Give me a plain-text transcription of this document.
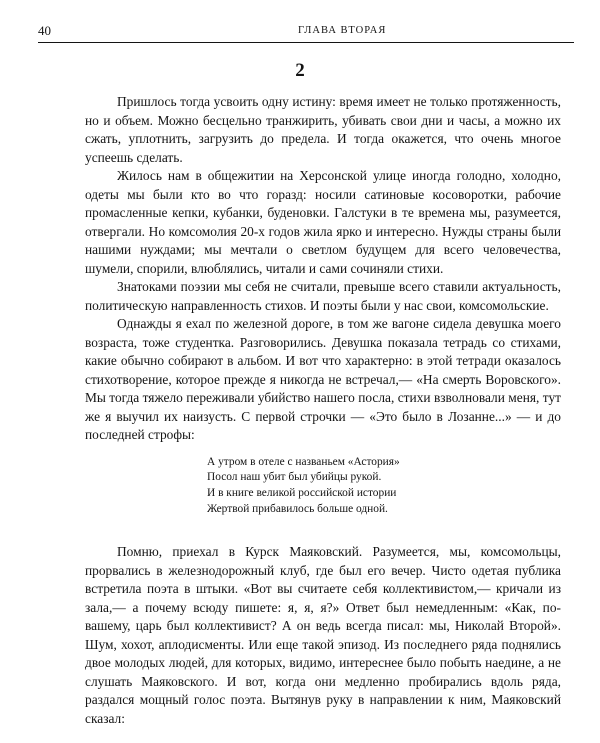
40	ГЛАВА ВТОРАЯ
2

Пришлось тогда усвоить одну истину: время имеет не только протяженность, но и объем. Можно бесцельно транжирить, убивать свои дни и часы, а можно их сжать, уплотнить, загрузить до предела. И тогда окажется, что очень многое успеешь сделать.

Жилось нам в общежитии на Херсонской улице иногда голодно, холодно, одеты мы были кто во что горазд: носили сатиновые косоворотки, рабочие промасленные кепки, кубанки, буденовки. Галстуки в те времена мы, разумеется, отвергали. Но комсомолия 20-х годов жила ярко и интересно. Нужды страны были нашими нуждами; мы мечтали о светлом будущем для всего человечества, шумели, спорили, влюблялись, читали и сами сочиняли стихи.

Знатоками поэзии мы себя не считали, превыше всего ставили актуальность, политическую направленность стихов. И поэты были у нас свои, комсомольские.

Однажды я ехал по железной дороге, в том же вагоне сидела девушка моего возраста, тоже студентка. Разговорились. Девушка показала тетрадь со стихами, какие обычно собирают в альбом. И вот что характерно: в этой тетради оказалось стихотворение, которое прежде я никогда не встречал,— «На смерть Воровского». Мы тогда тяжело переживали убийство нашего посла, стихи взволновали меня, тут же я выучил их наизусть. С первой строчки — «Это было в Лозанне...» — и до последней строфы:

А утром в отеле с названьем «Астория»
Посол наш убит был убийцы рукой.
И в книге великой российской истории
Жертвой прибавилось больше одной.

Помню, приехал в Курск Маяковский. Разумеется, мы, комсомольцы, прорвались в железнодорожный клуб, где был его вечер. Чисто одетая публика встретила поэта в штыки. «Вот вы считаете себя коллективистом,— кричали из зала,— а почему всюду пишете: я, я, я?» Ответ был немедленным: «Как, по-вашему, царь был коллективист? А он ведь всегда писал: мы, Николай Второй». Шум, хохот, аплодисменты. Или еще такой эпизод. Из последнего ряда поднялись двое молодых людей, для которых, видимо, интереснее было побыть наедине, а не слушать Маяковского. И вот, когда они медленно пробирались вдоль ряда, раздался мощный голос поэта. Вытянув руку в направлении к ним, Маяковский сказал:
